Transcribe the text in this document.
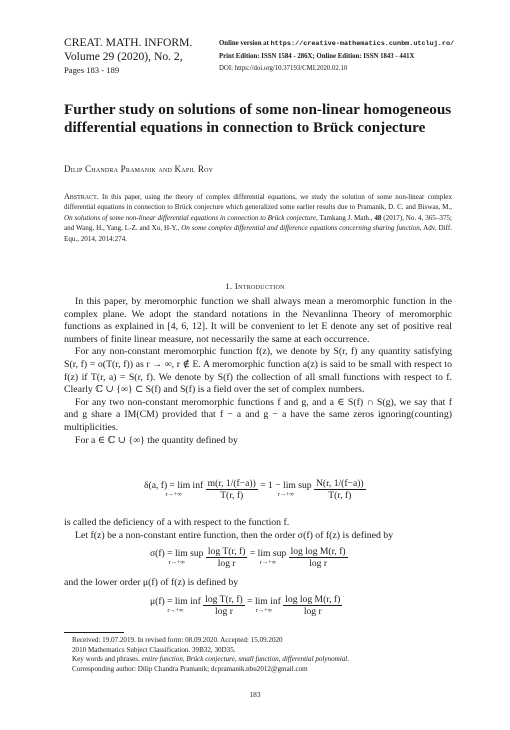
CREAT. MATH. INFORM.
Volume 29 (2020), No. 2,
Pages 183 - 189
Online version at https://creative-mathematics.cunbm.utcluj.ro/
Print Edition: ISSN 1584 - 286X; Online Edition: ISSN 1843 - 441X
DOI: https://doi.org/10.37193/CMI.2020.02.10
Further study on solutions of some non-linear homogeneous differential equations in connection to Brück conjecture
Dilip Chandra Pramanik and Kapil Roy
Abstract. In this paper, using the theory of complex differential equations, we study the solution of some non-linear complex differential equations in connection to Brück conjecture which generalized some earlier results due to Pramanik, D. C. and Biswas, M., On solutions of some non-linear differential equations in connection to Brück conjecture, Tamkang J. Math., 48 (2017), No. 4, 365–375; and Wang, H., Yang, L-Z. and Xu, H-Y., On some complex differential and difference equations concerning sharing function, Adv. Diff. Equ., 2014, 2014:274.
1. Introduction

In this paper, by meromorphic function we shall always mean a meromorphic function in the complex plane. We adopt the standard notations in the Nevanlinna Theory of meromorphic functions as explained in [4, 6, 12]. It will be convenient to let E denote any set of positive real numbers of finite linear measure, not necessarily the same at each occurrence.

For any non-constant meromorphic function f(z), we denote by S(r, f) any quantity satisfying S(r, f) = o(T(r, f)) as r → ∞, r ∉ E. A meromorphic function a(z) is said to be small with respect to f(z) if T(r, a) = S(r, f). We denote by S(f) the collection of all small functions with respect to f. Clearly ℂ ∪ {∞} ⊂ S(f) and S(f) is a field over the set of complex numbers.

For any two non-constant meromorphic functions f and g, and a ∈ S(f) ∩ S(g), we say that f and g share a IM(CM) provided that f − a and g − a have the same zeros ignoring(counting) multiplicities.

For a ∈ ℂ ∪ {∞} the quantity defined by

δ(a, f) = lim inf
r→+∞
	$\frac{m(r, 1/(f-a))}{T(r, f)} = 1 - \lim$ sup
r→+∞
	$\frac{N(r, 1/(f-a))}{T(r, f)}$

is called the deficiency of a with respect to the function f.

Let f(z) be a non-constant entire function, then the order σ(f) of f(z) is defined by

σ(f) = lim sup
r→+∞
	$\frac{\text{log T(r, f)}}{\text{log r}} = \lim$ sup
r→+∞
	$\frac{\text{log log M(r, f)}}{\text{log r}}$

and the lower order μ(f) of f(z) is defined by

μ(f) = lim inf
r→+∞
	$\frac{\text{log T(r, f)}}{\text{log r}} = \lim$ inf
r→+∞
	$\frac{\text{log log M(r, f)}}{\text{log r}}$

Received: 19.07.2019. In revised form: 08.09.2020. Accepted: 15.09.2020

2010 Mathematics Subject Classification. 39B32, 30D35.

Key words and phrases. entire function, Brück conjecture, small function, differential polynomial.

Corresponding author: Dilip Chandra Pramanik; dcpramanik.nbu2012@gmail.com

183
